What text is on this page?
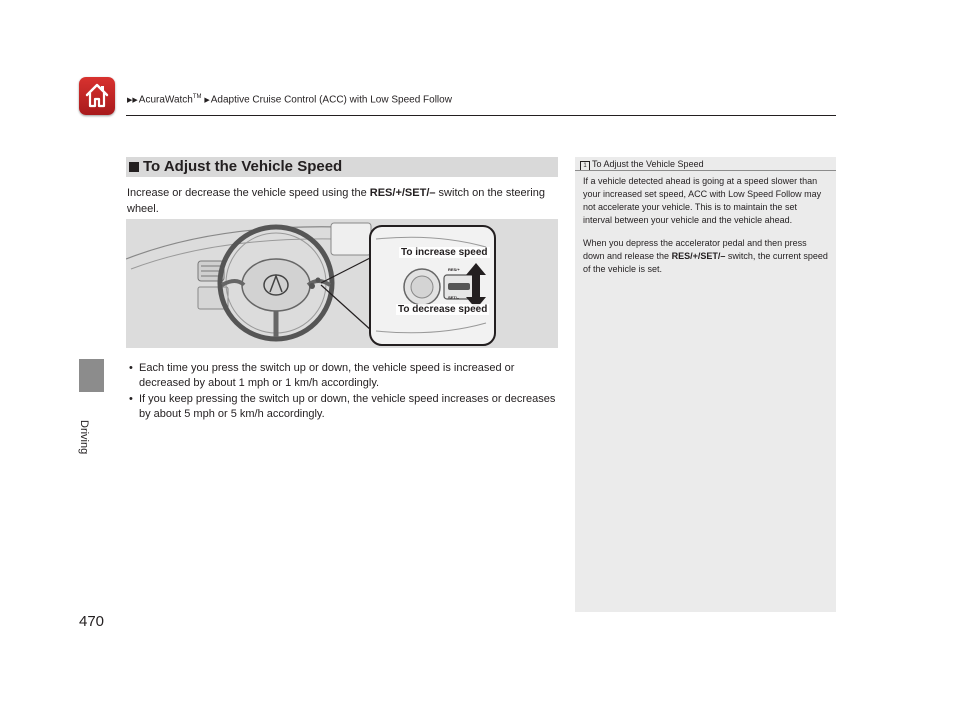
▶▶AcuraWatch™ ▶Adaptive Cruise Control (ACC) with Low Speed Follow
Driving
470
To Adjust the Vehicle Speed
Increase or decrease the vehicle speed using the RES/+/SET/– switch on the steering wheel.
To increase speed
To decrease speed
RES/+
SET/–
• Each time you press the switch up or down, the vehicle speed is increased or decreased by about 1 mph or 1 km/h accordingly.
• If you keep pressing the switch up or down, the vehicle speed increases or decreases by about 5 mph or 5 km/h accordingly.
1 To Adjust the Vehicle Speed

If a vehicle detected ahead is going at a speed slower than your increased set speed, ACC with Low Speed Follow may not accelerate your vehicle. This is to maintain the set interval between your vehicle and the vehicle ahead.

When you depress the accelerator pedal and then press down and release the RES/+/SET/– switch, the current speed of the vehicle is set.
